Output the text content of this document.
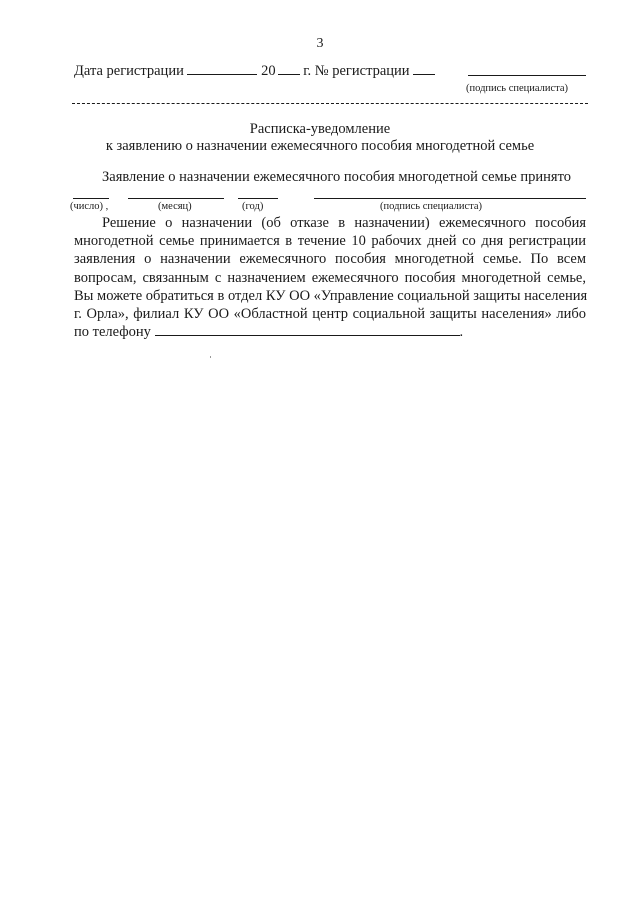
3
Дата регистрации	20 г. № регистрации
(подпись специалиста)
Расписка-уведомление
к заявлению о назначении ежемесячного пособия многодетной семье
Заявление о назначении ежемесячного пособия многодетной семье принято
(число) ,	(месяц)	(год)	(подпись специалиста)
Решение о назначении (об отказе в назначении) ежемесячного пособия
многодетной семье принимается в течение 10 рабочих дней со дня регистрации
заявления о назначении ежемесячного пособия многодетной семье. По всем
вопросам, связанным с назначением ежемесячного пособия многодетной семье,
Вы можете обратиться в отдел КУ ОО «Управление социальной защиты населения
г. Орла», филиал КУ ОО «Областной центр социальной защиты населения» либо
по телефону	.
